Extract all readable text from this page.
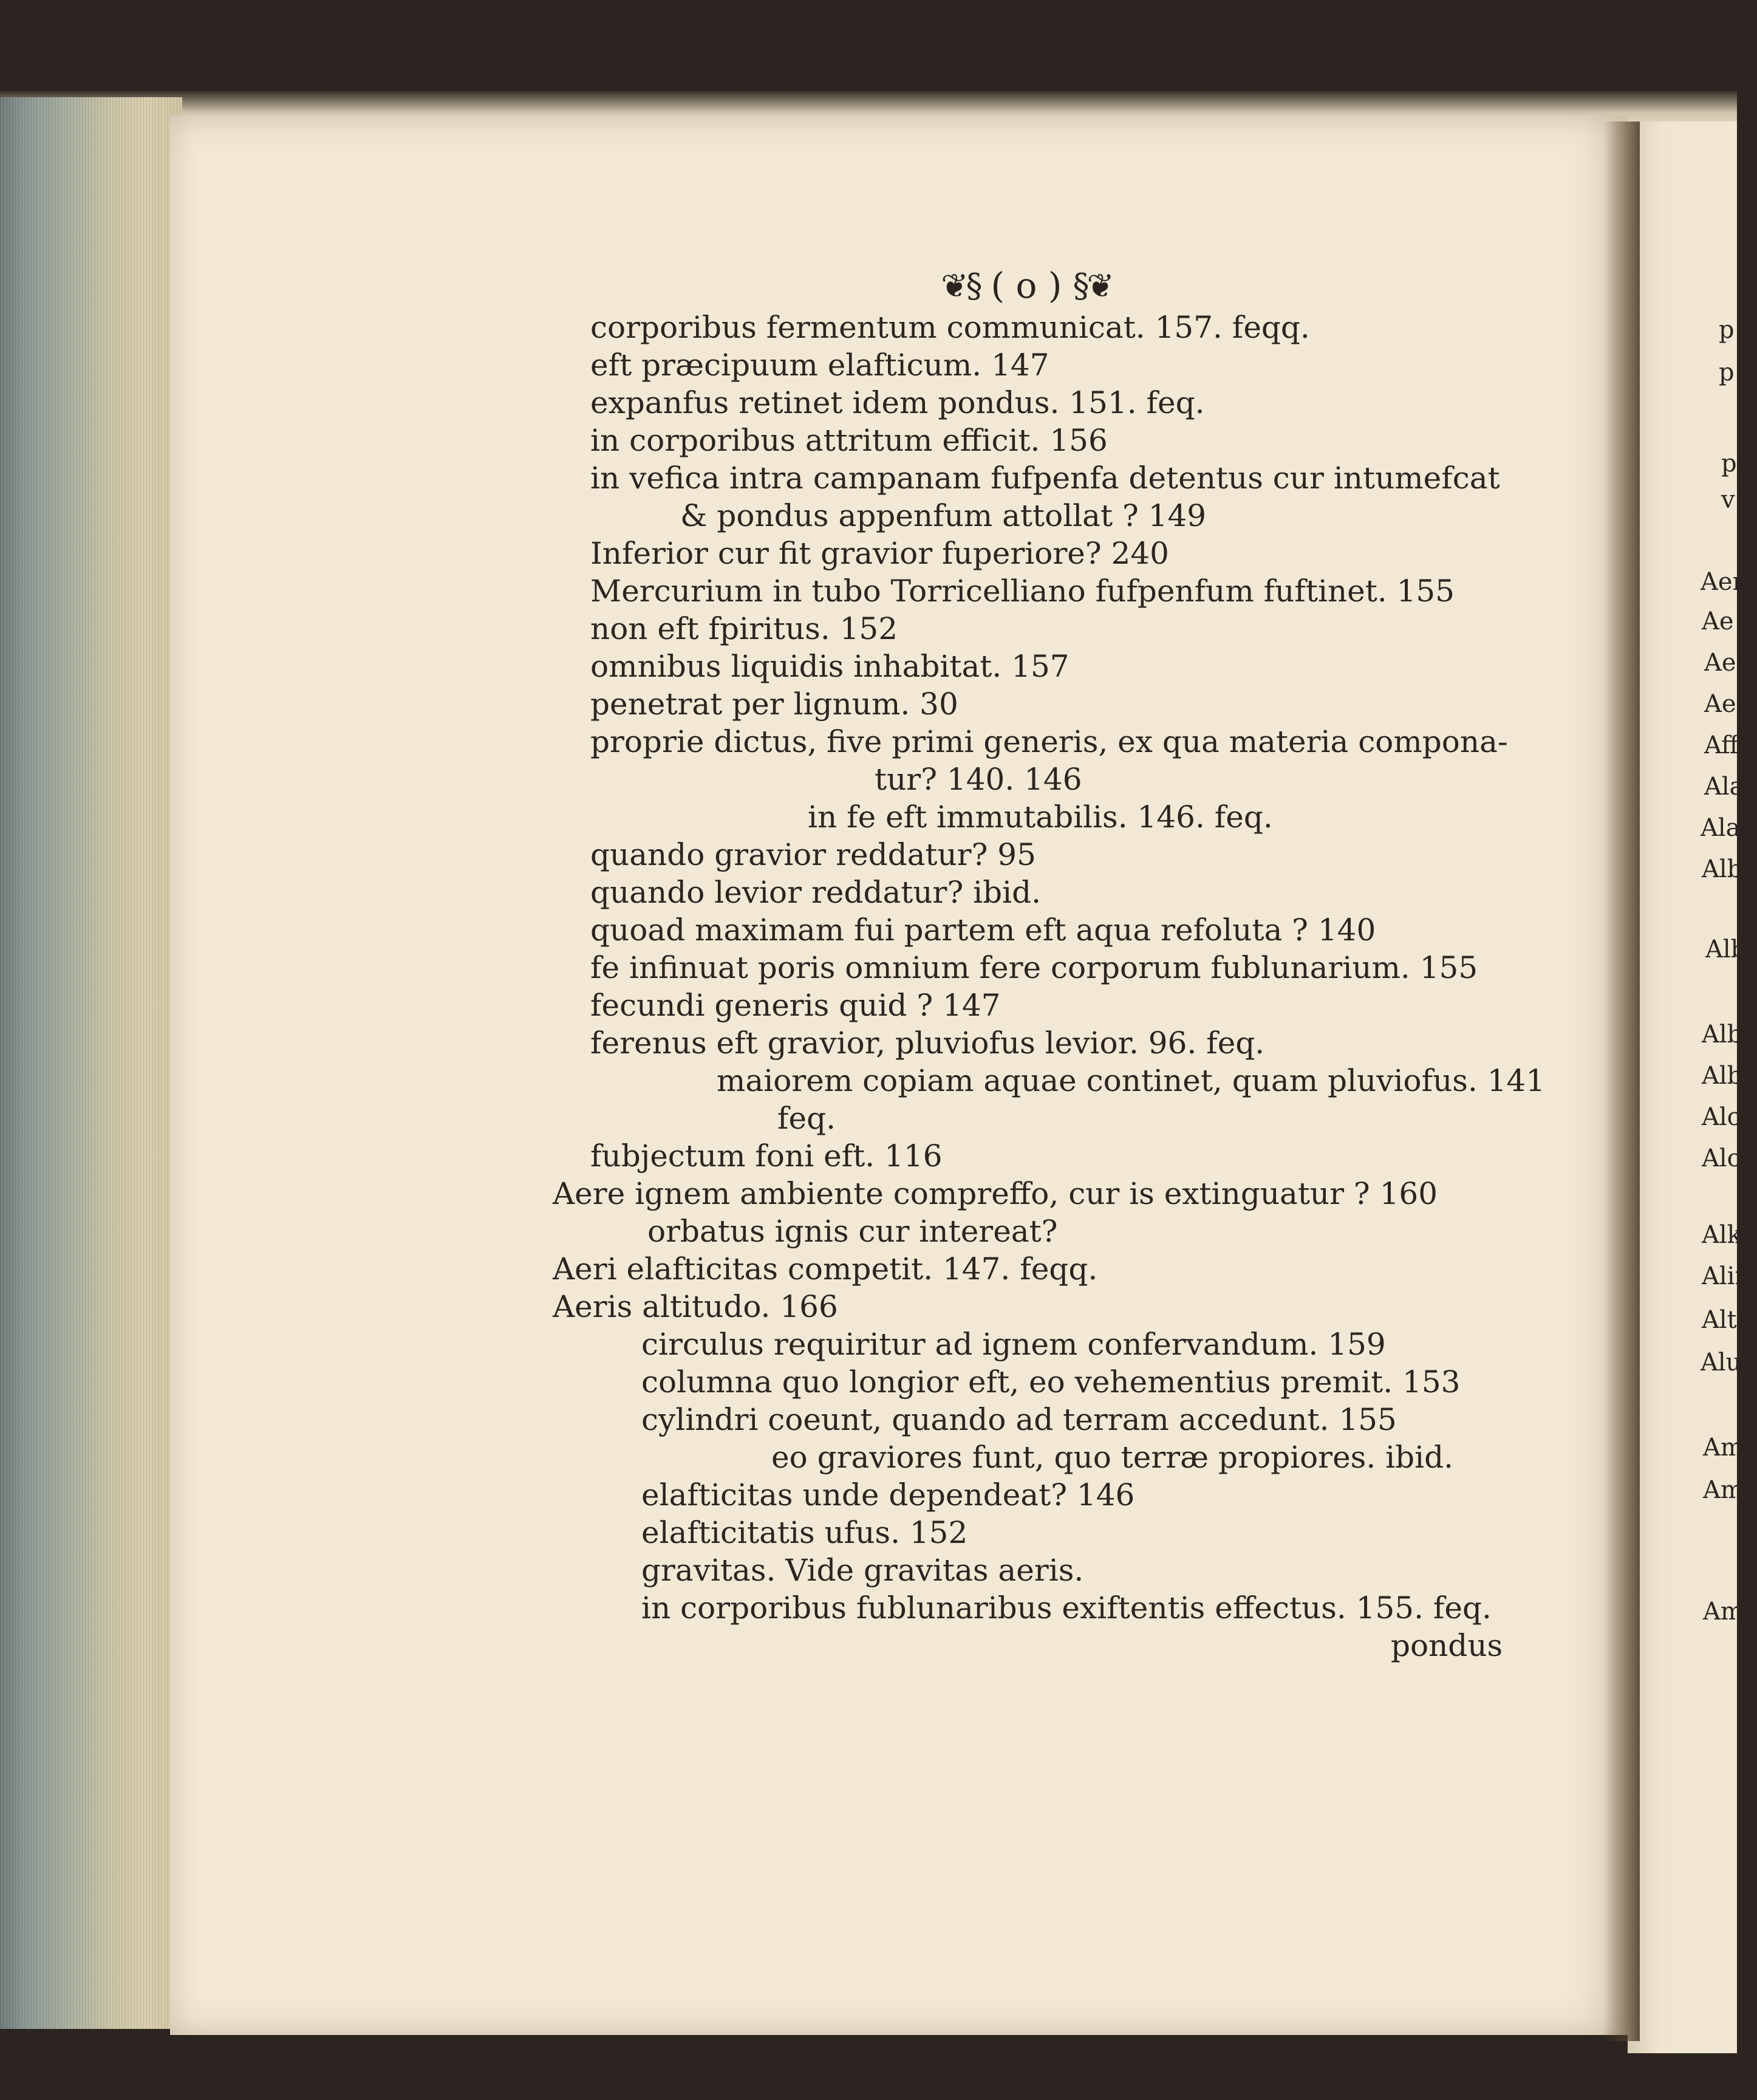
❦§ ( o ) §❦
corporibus fermentum communicat. 157. feqq.
eft præcipuum elafticum. 147
expanfus retinet idem pondus. 151. feq.
in corporibus attritum efficit. 156
in vefica intra campanam fufpenfa detentus cur intumefcat
& pondus appenfum attollat ? 149
Inferior cur fit gravior fuperiore? 240
Mercurium in tubo Torricelliano fufpenfum fuftinet. 155
non eft fpiritus. 152
omnibus liquidis inhabitat. 157
penetrat per lignum. 30
proprie dictus, five primi generis, ex qua materia compona-
tur? 140. 146
in fe eft immutabilis. 146. feq.
quando gravior reddatur? 95
quando levior reddatur? ibid.
quoad maximam fui partem eft aqua refoluta ? 140
fe infinuat poris omnium fere corporum fublunarium. 155
fecundi generis quid ? 147
ferenus eft gravior, pluviofus levior. 96. feq.
maiorem copiam aquae continet, quam pluviofus. 141
feq.
fubjectum foni eft. 116
Aere ignem ambiente compreffo, cur is extinguatur ? 160
orbatus ignis cur intereat?
Aeri elafticitas competit. 147. feqq.
Aeris altitudo. 166
circulus requiritur ad ignem confervandum. 159
columna quo longior eft, eo vehementius premit. 153
cylindri coeunt, quando ad terram accedunt. 155
eo graviores funt, quo terræ propiores. ibid.
elafticitas unde dependeat? 146
elafticitatis ufus. 152
gravitas. Vide gravitas aeris.
in corporibus fublunaribus exiftentis effectus. 155. feq.
pondus
p
p
p
v
Aer
Ae
Ae
Ae
Aff
Ala
Alal
Alb
Alb
Alb
Alb
Alc
Alc
Alk
Alin
Alte
Alun
Am
Am
Aml
